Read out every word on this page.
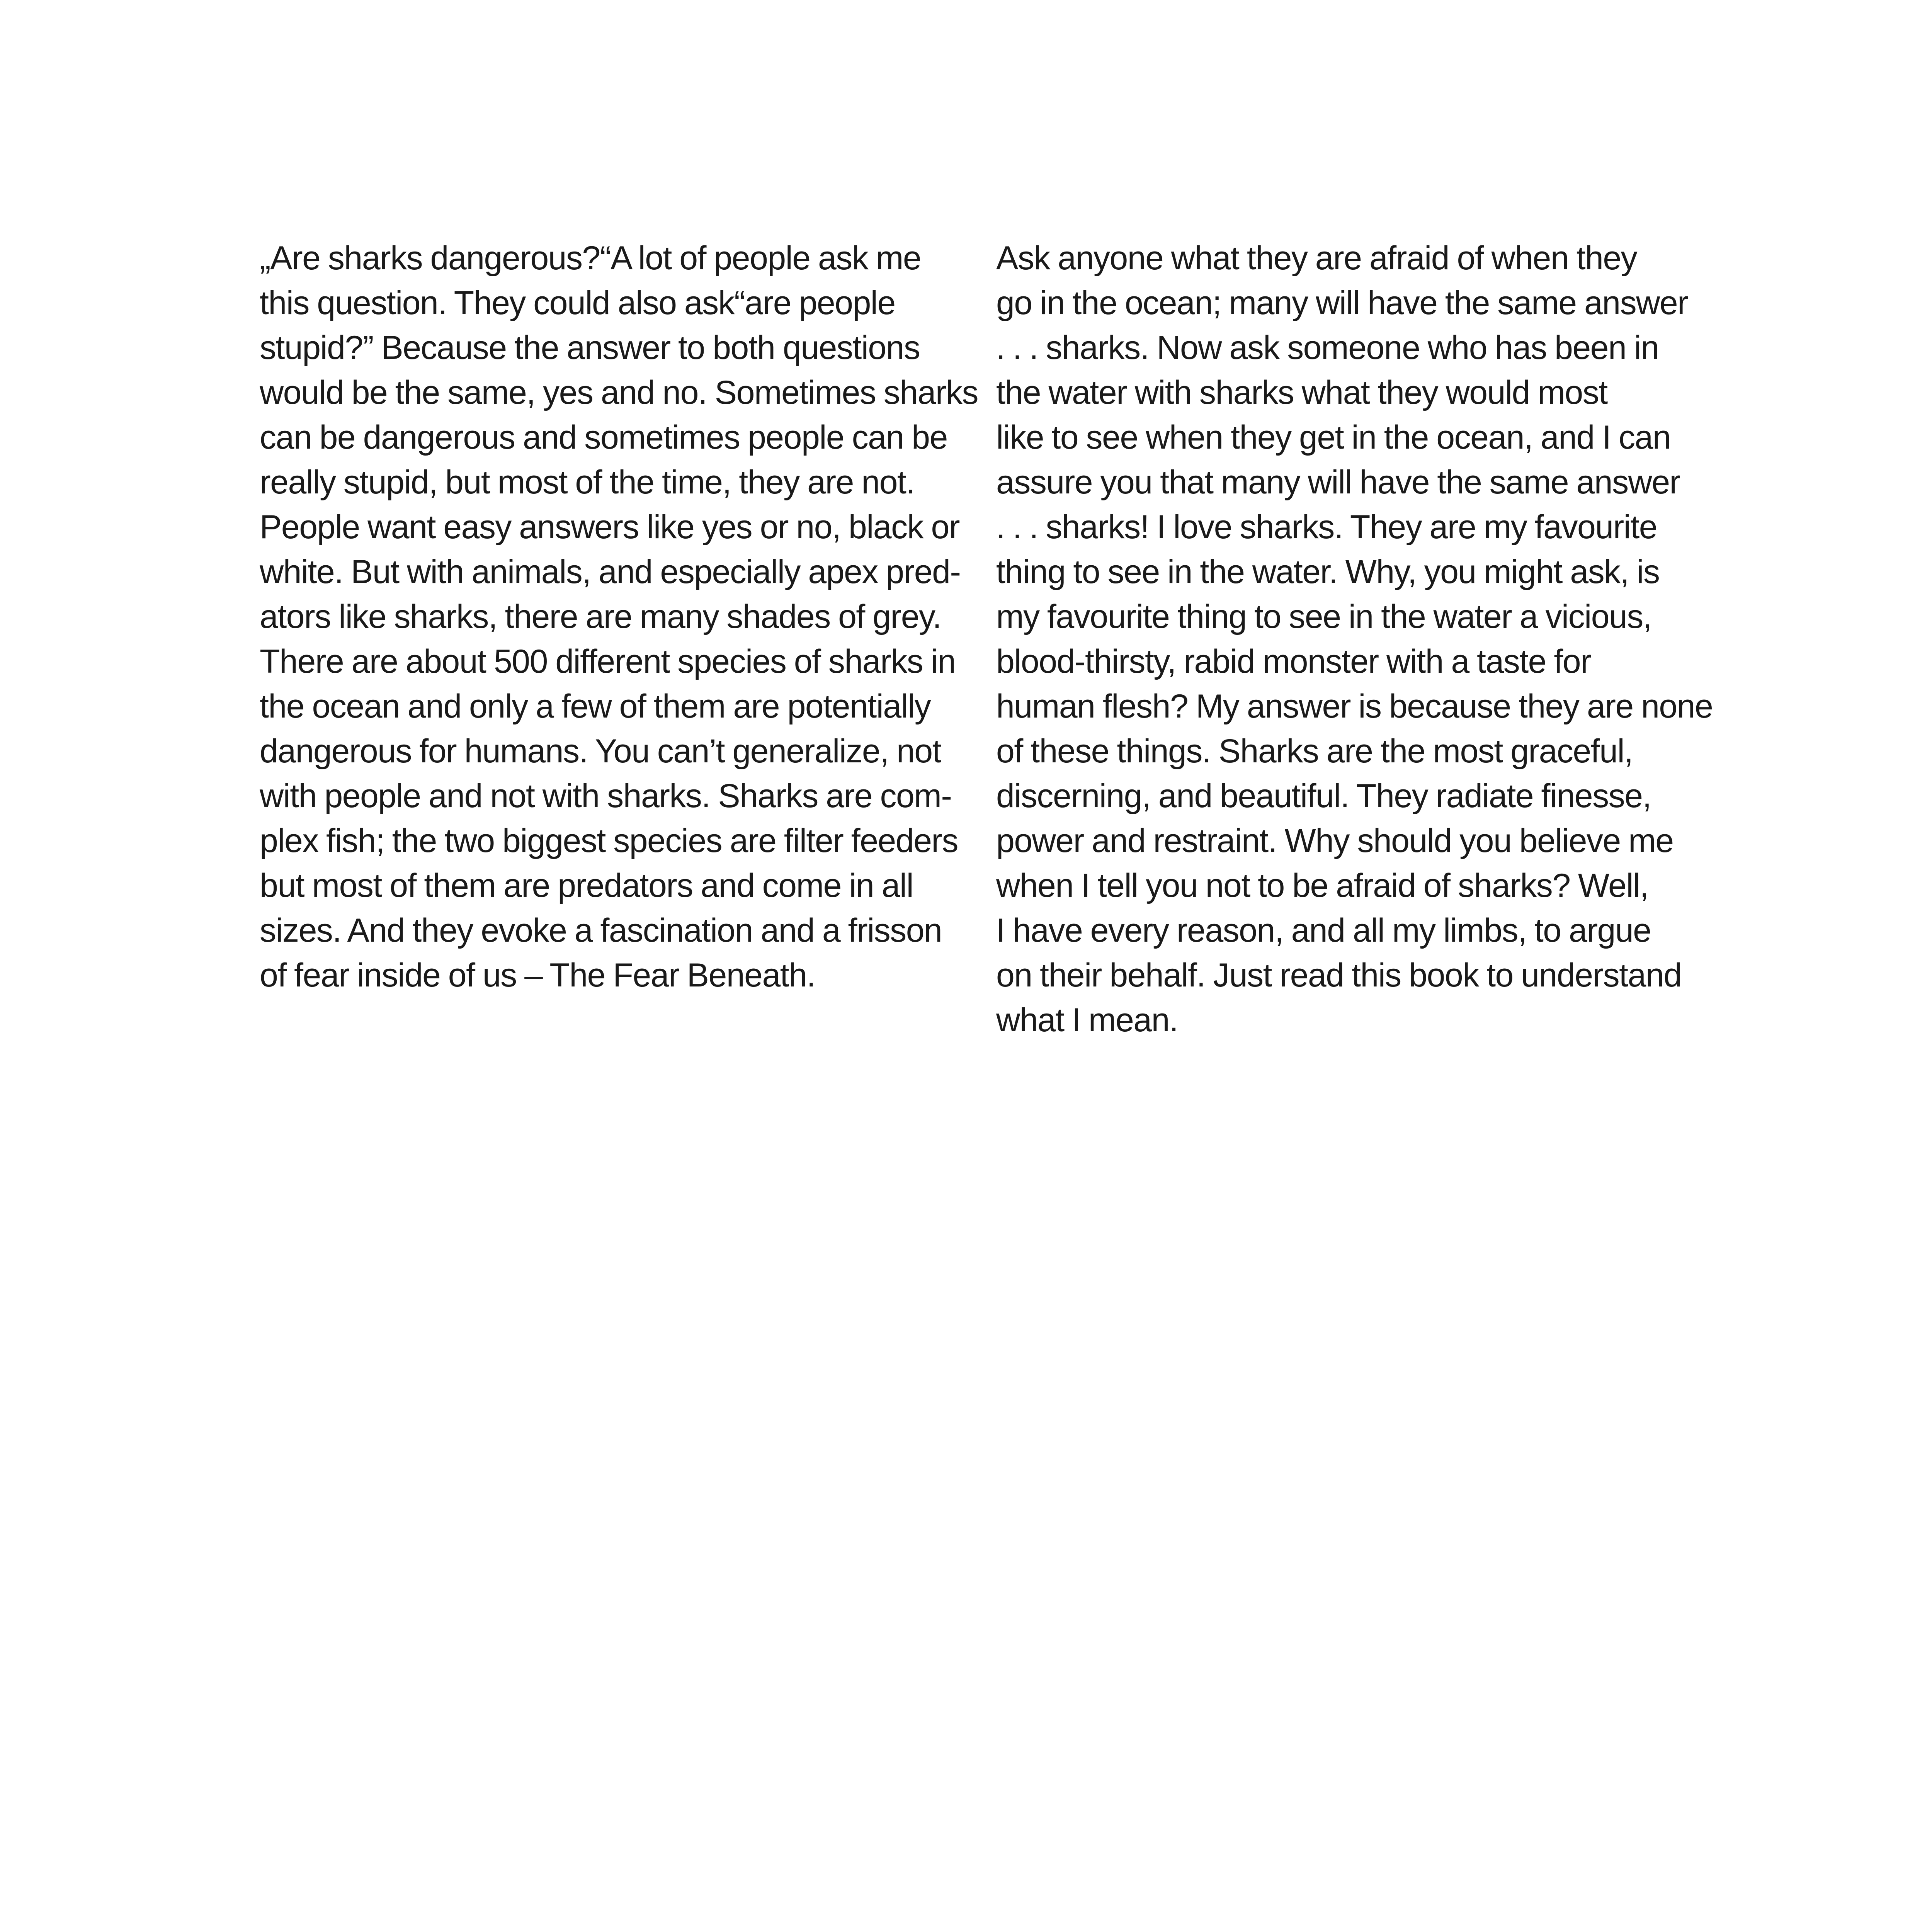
„Are sharks dangerous?“A lot of people ask me
this question. They could also ask“are people
stupid?” Because the answer to both questions
would be the same, yes and no. Sometimes sharks
can be dangerous and sometimes people can be
really stupid, but most of the time, they are not.
People want easy answers like yes or no, black or
white. But with animals, and especially apex pred-
ators like sharks, there are many shades of grey.
There are about 500 different species of sharks in
the ocean and only a few of them are potentially
dangerous for humans. You can’t generalize, not
with people and not with sharks. Sharks are com-
plex fish; the two biggest species are filter feeders
but most of them are predators and come in all
sizes. And they evoke a fascination and a frisson
of fear inside of us – The Fear Beneath.
Ask anyone what they are afraid of when they
go in the ocean; many will have the same answer
. . . sharks. Now ask someone who has been in
the water with sharks what they would most
like to see when they get in the ocean, and I can
assure you that many will have the same answer
. . . sharks! I love sharks. They are my favourite
thing to see in the water. Why, you might ask, is
my favourite thing to see in the water a vicious,
blood-thirsty, rabid monster with a taste for
human flesh? My answer is because they are none
of these things. Sharks are the most graceful,
discerning, and beautiful. They radiate finesse,
power and restraint. Why should you believe me
when I tell you not to be afraid of sharks? Well,
I have every reason, and all my limbs, to argue
on their behalf. Just read this book to understand
what I mean.
